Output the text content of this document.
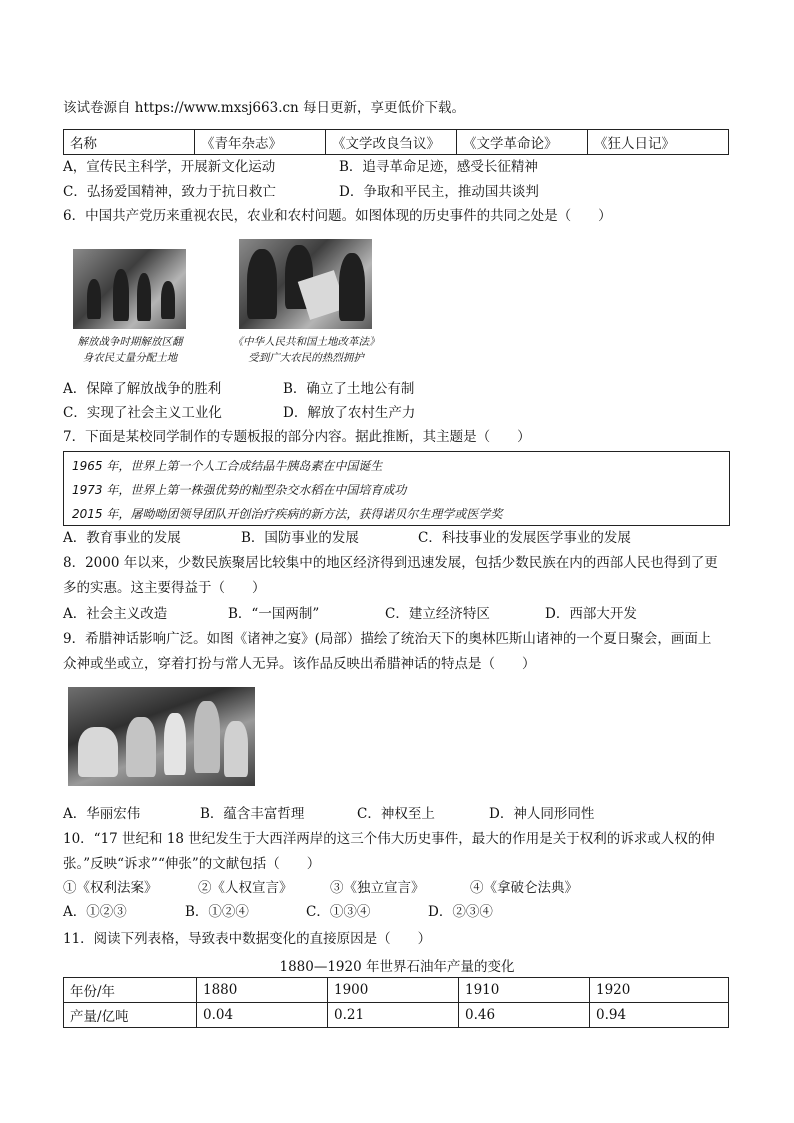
该试卷源自 https://www.mxsj663.cn 每日更新，享更低价下载。
名称	《青年杂志》	《文学改良刍议》	《文学革命论》	《狂人日记》
A，宣传民主科学，开展新文化运动	B．追寻革命足迹，感受长征精神
C．弘扬爱国精神，致力于抗日救亡	D．争取和平民主，推动国共谈判
6．中国共产党历来重视农民，农业和农村问题。如图体现的历史事件的共同之处是（　　）
解放战争时期解放区翻
身农民丈量分配土地
《中华人民共和国土地改革法》
受到广大农民的热烈拥护
A．保障了解放战争的胜利	B．确立了土地公有制
C．实现了社会主义工业化	D．解放了农村生产力
7．下面是某校同学制作的专题板报的部分内容。据此推断，其主题是（　　）
1965 年，世界上第一个人工合成结晶牛胰岛素在中国诞生
1973 年，世界上第一株强优势的籼型杂交水稻在中国培育成功
2015 年，屠呦呦团领导团队开创治疗疾病的新方法，获得诺贝尔生理学或医学奖
A．教育事业的发展	B．国防事业的发展	C．科技事业的发展医学事业的发展
8．2000 年以来，少数民族聚居比较集中的地区经济得到迅速发展，包括少数民族在内的西部人民也得到了更
多的实惠。这主要得益于（　　）
A．社会主义改造	B．“一国两制”	C．建立经济特区	D．西部大开发
9．希腊神话影响广泛。如图《诸神之宴》(局部）描绘了统治天下的奥林匹斯山诸神的一个夏日聚会，画面上
众神或坐或立，穿着打扮与常人无异。该作品反映出希腊神话的特点是（　　）
A．华丽宏伟	B．蕴含丰富哲理	C．神权至上	D．神人同形同性
10．“17 世纪和 18 世纪发生于大西洋两岸的这三个伟大历史事件，最大的作用是关于权利的诉求或人权的伸
张。”反映“诉求”“伸张”的文献包括（　　）
①《权利法案》	②《人权宣言》	③《独立宣言》	④《拿破仑法典》
A．①②③	B．①②④	C．①③④	D．②③④
11．阅读下列表格，导致表中数据变化的直接原因是（　　）
1880—1920 年世界石油年产量的变化
年份/年	1880	1900	1910	1920
产量/亿吨	0.04	0.21	0.46	0.94
